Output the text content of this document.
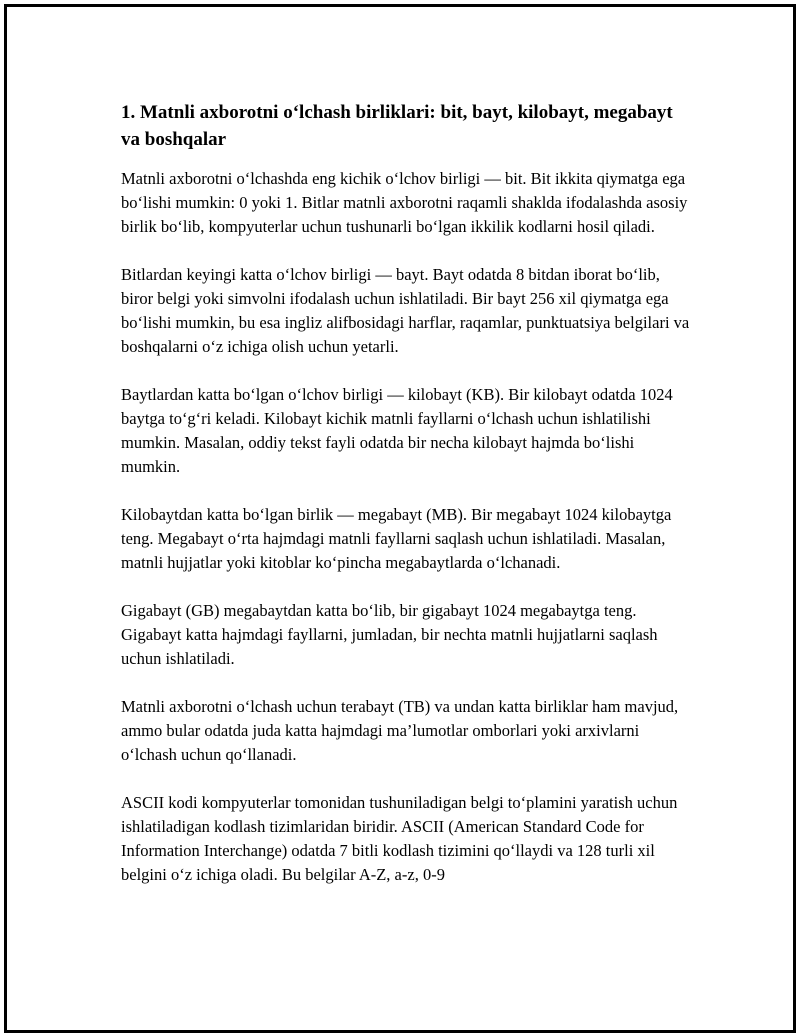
1. Matnli axborotni o‘lchash birliklari: bit, bayt, kilobayt, megabayt va boshqalar

Matnli axborotni o‘lchashda eng kichik o‘lchov birligi — bit. Bit ikkita qiymatga ega bo‘lishi mumkin: 0 yoki 1. Bitlar matnli axborotni raqamli shaklda ifodalashda asosiy birlik bo‘lib, kompyuterlar uchun tushunarli bo‘lgan ikkilik kodlarni hosil qiladi.

Bitlardan keyingi katta o‘lchov birligi — bayt. Bayt odatda 8 bitdan iborat bo‘lib, biror belgi yoki simvolni ifodalash uchun ishlatiladi. Bir bayt 256 xil qiymatga ega bo‘lishi mumkin, bu esa ingliz alifbosidagi harflar, raqamlar, punktuatsiya belgilari va boshqalarni o‘z ichiga olish uchun yetarli.

Baytlardan katta bo‘lgan o‘lchov birligi — kilobayt (KB). Bir kilobayt odatda 1024 baytga to‘g‘ri keladi. Kilobayt kichik matnli fayllarni o‘lchash uchun ishlatilishi mumkin. Masalan, oddiy tekst fayli odatda bir necha kilobayt hajmda bo‘lishi mumkin.

Kilobaytdan katta bo‘lgan birlik — megabayt (MB). Bir megabayt 1024 kilobaytga teng. Megabayt o‘rta hajmdagi matnli fayllarni saqlash uchun ishlatiladi. Masalan, matnli hujjatlar yoki kitoblar ko‘pincha megabaytlarda o‘lchanadi.

Gigabayt (GB) megabaytdan katta bo‘lib, bir gigabayt 1024 megabaytga teng. Gigabayt katta hajmdagi fayllarni, jumladan, bir nechta matnli hujjatlarni saqlash uchun ishlatiladi.

Matnli axborotni o‘lchash uchun terabayt (TB) va undan katta birliklar ham mavjud, ammo bular odatda juda katta hajmdagi ma’lumotlar omborlari yoki arxivlarni o‘lchash uchun qo‘llanadi.

ASCII kodi kompyuterlar tomonidan tushuniladigan belgi to‘plamini yaratish uchun ishlatiladigan kodlash tizimlaridan biridir. ASCII (American Standard Code for Information Interchange) odatda 7 bitli kodlash tizimini qo‘llaydi va 128 turli xil belgini o‘z ichiga oladi. Bu belgilar A-Z, a-z, 0-9
